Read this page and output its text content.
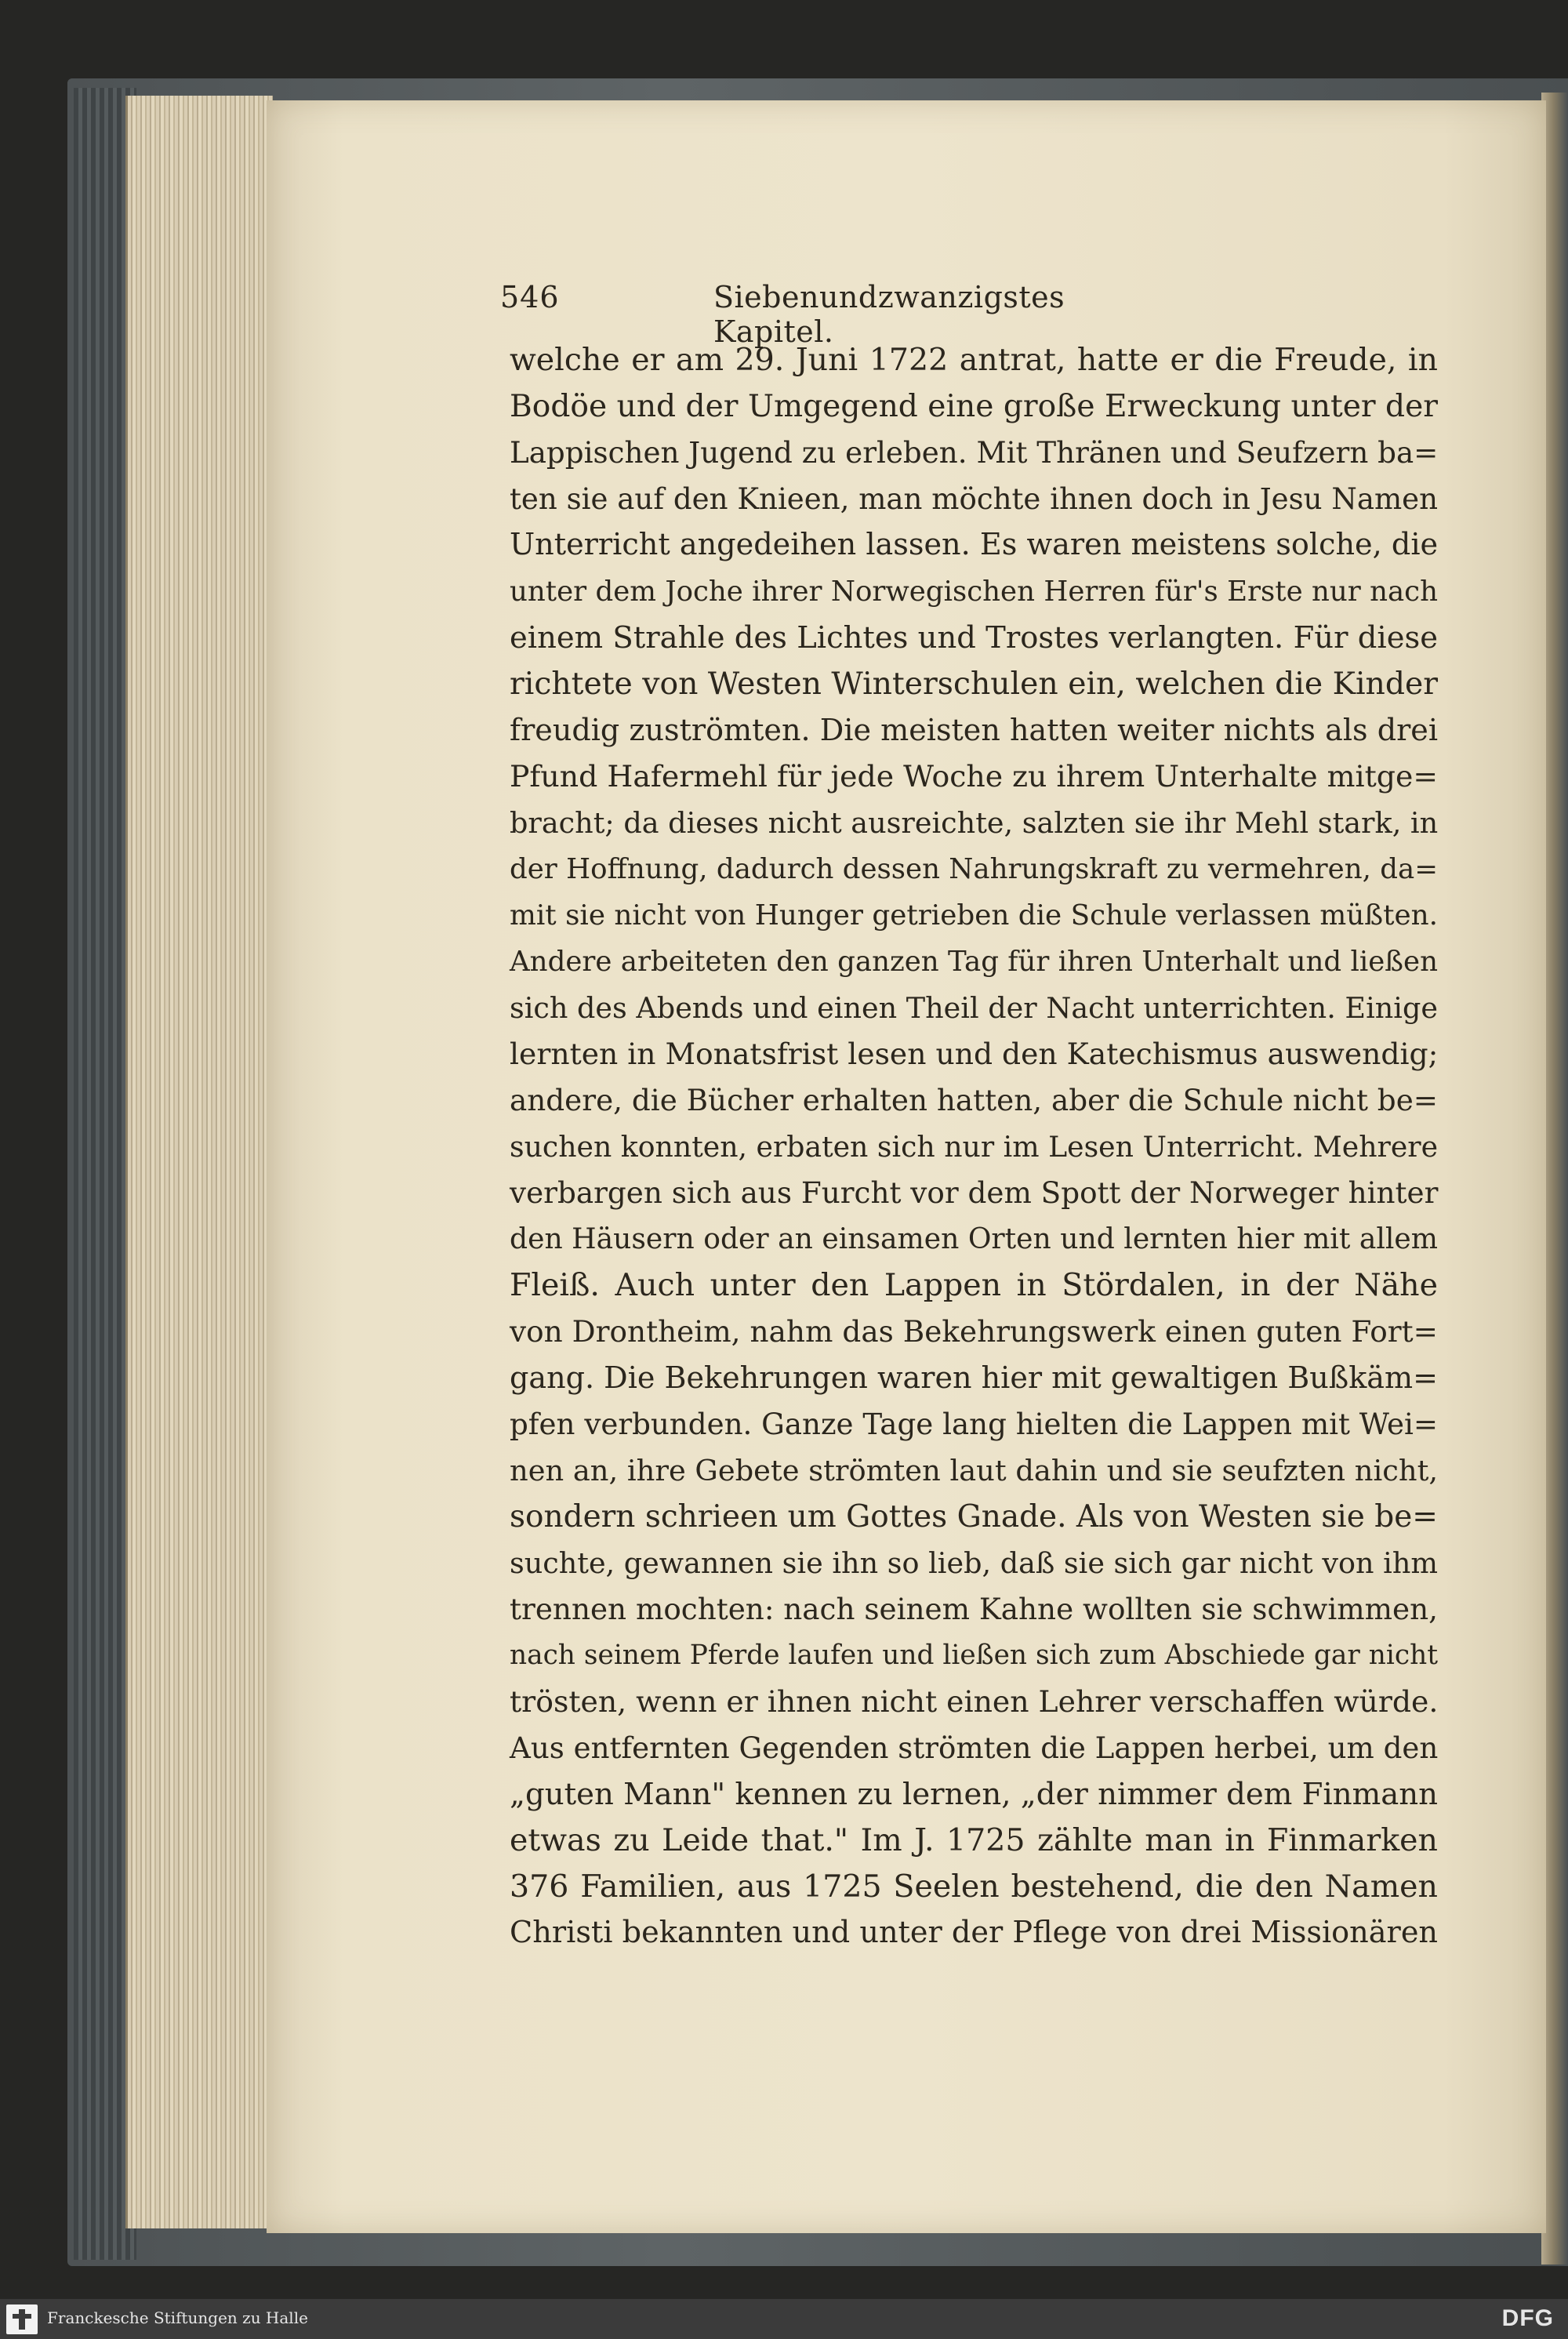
546	Siebenundzwanzigstes Kapitel.
welche er am 29. Juni 1722 antrat, hatte er die Freude, in
Bodöe und der Umgegend eine große Erweckung unter der
Lappischen Jugend zu erleben. Mit Thränen und Seufzern ba=
ten sie auf den Knieen, man möchte ihnen doch in Jesu Namen
Unterricht angedeihen lassen. Es waren meistens solche, die
unter dem Joche ihrer Norwegischen Herren für's Erste nur nach
einem Strahle des Lichtes und Trostes verlangten. Für diese
richtete von Westen Winterschulen ein, welchen die Kinder
freudig zuströmten. Die meisten hatten weiter nichts als drei
Pfund Hafermehl für jede Woche zu ihrem Unterhalte mitge=
bracht; da dieses nicht ausreichte, salzten sie ihr Mehl stark, in
der Hoffnung, dadurch dessen Nahrungskraft zu vermehren, da=
mit sie nicht von Hunger getrieben die Schule verlassen müßten.
Andere arbeiteten den ganzen Tag für ihren Unterhalt und ließen
sich des Abends und einen Theil der Nacht unterrichten. Einige
lernten in Monatsfrist lesen und den Katechismus auswendig;
andere, die Bücher erhalten hatten, aber die Schule nicht be=
suchen konnten, erbaten sich nur im Lesen Unterricht. Mehrere
verbargen sich aus Furcht vor dem Spott der Norweger hinter
den Häusern oder an einsamen Orten und lernten hier mit allem
Fleiß. Auch unter den Lappen in Stördalen, in der Nähe
von Drontheim, nahm das Bekehrungswerk einen guten Fort=
gang. Die Bekehrungen waren hier mit gewaltigen Bußkäm=
pfen verbunden. Ganze Tage lang hielten die Lappen mit Wei=
nen an, ihre Gebete strömten laut dahin und sie seufzten nicht,
sondern schrieen um Gottes Gnade. Als von Westen sie be=
suchte, gewannen sie ihn so lieb, daß sie sich gar nicht von ihm
trennen mochten: nach seinem Kahne wollten sie schwimmen,
nach seinem Pferde laufen und ließen sich zum Abschiede gar nicht
trösten, wenn er ihnen nicht einen Lehrer verschaffen würde.
Aus entfernten Gegenden strömten die Lappen herbei, um den
„guten Mann" kennen zu lernen, „der nimmer dem Finmann
etwas zu Leide that." Im J. 1725 zählte man in Finmarken
376 Familien, aus 1725 Seelen bestehend, die den Namen
Christi bekannten und unter der Pflege von drei Missionären
Franckesche Stiftungen zu Halle	DFG
